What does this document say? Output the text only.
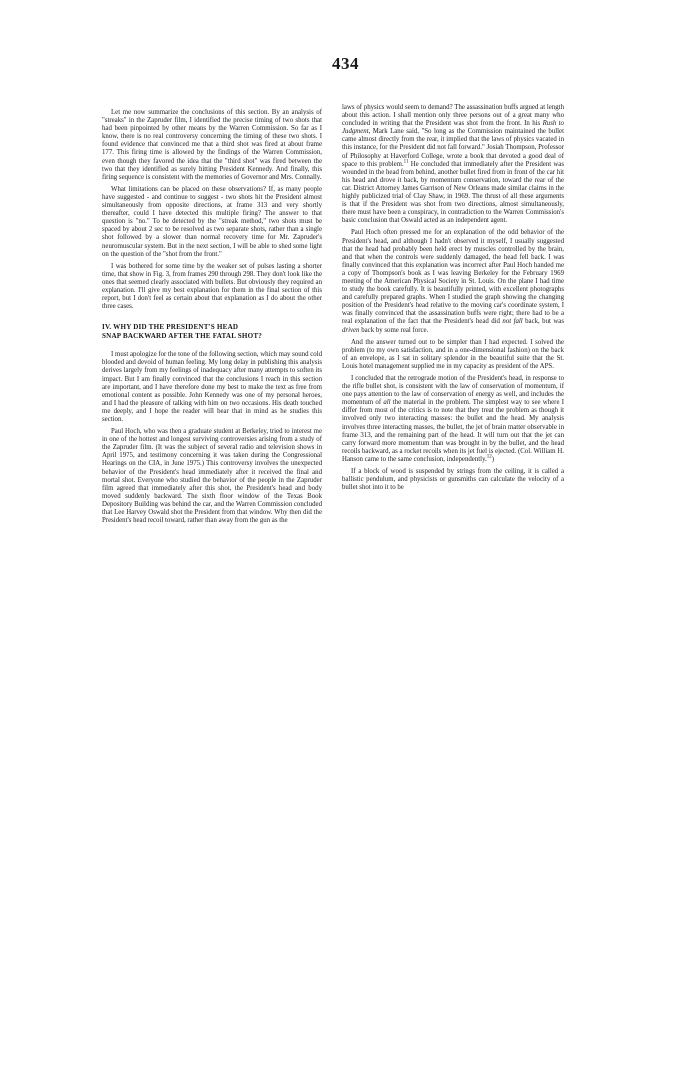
434

Let me now summarize the conclusions of this section. By an analysis of "streaks" in the Zapruder film, I identified the precise timing of two shots that had been pinpointed by other means by the Warren Commission. So far as I know, there is no real controversy concerning the timing of these two shots. I found evidence that convinced me that a third shot was fired at about frame 177. This firing time is allowed by the findings of the Warren Commission, even though they favored the idea that the "third shot" was fired between the two that they identified as surely hitting President Kennedy. And finally, this firing sequence is consistent with the memories of Governor and Mrs. Connally.

What limitations can be placed on these observations? If, as many people have suggested - and continue to suggest - two shots hit the President almost simultaneously from opposite directions, at frame 313 and very shortly thereafter, could I have detected this multiple firing? The answer to that question is "no." To be detected by the "streak method," two shots must be spaced by about 2 sec to be resolved as two separate shots, rather than a single shot followed by a slower than normal recovery time for Mr. Zapruder's neuromuscular system. But in the next section, I will be able to shed some light on the question of the "shot from the front."

I was bothered for some time by the weaker set of pulses lasting a shorter time, that show in Fig. 3, from frames 290 through 298. They don't look like the ones that seemed clearly associated with bullets. But obviously they required an explanation. I'll give my best explanation for them in the final section of this report, but I don't feel as certain about that explanation as I do about the other three cases.

IV. WHY DID THE PRESIDENT'S HEAD
SNAP BACKWARD AFTER THE FATAL SHOT?

I must apologize for the tone of the following section, which may sound cold blooded and devoid of human feeling. My long delay in publishing this analysis derives largely from my feelings of inadequacy after many attempts to soften its impact. But I am finally convinced that the conclusions I reach in this section are important, and I have therefore done my best to make the text as free from emotional content as possible. John Kennedy was one of my personal heroes, and I had the pleasure of talking with him on two occasions. His death touched me deeply, and I hope the reader will bear that in mind as he studies this section.

Paul Hoch, who was then a graduate student at Berkeley, tried to interest me in one of the hottest and longest surviving controversies arising from a study of the Zapruder film. (It was the subject of several radio and television shows in April 1975, and testimony concerning it was taken during the Congressional Hearings on the CIA, in June 1975.) This controversy involves the unexpected behavior of the President's head immediately after it received the final and mortal shot. Everyone who studied the behavior of the people in the Zapruder film agreed that immediately after this shot, the President's head and body moved suddenly backward. The sixth floor window of the Texas Book Depository Building was behind the car, and the Warren Commission concluded that Lee Harvey Oswald shot the President from that window. Why then did the President's head recoil toward, rather than away from the gun as the

laws of physics would seem to demand? The assassination buffs argued at length about this action. I shall mention only three persons out of a great many who concluded in writing that the President was shot from the front. In his Rush to Judgment, Mark Lane said, "So long as the Commission maintained the bullet came almost directly from the rear, it implied that the laws of physics vacated in this instance, for the President did not fall forward." Josiah Thompson, Professor of Philosophy at Haverford College, wrote a book that devoted a good deal of space to this problem.$^{11}$ He concluded that immediately after the President was wounded in the head from behind, another bullet fired from in front of the car hit his head and drove it back, by momentum conservation, toward the rear of the car. District Attorney James Garrison of New Orleans made similar claims in the highly publicized trial of Clay Shaw, in 1969. The thrust of all these arguments is that if the President was shot from two directions, almost simultaneously, there must have been a conspiracy, in contradiction to the Warren Commission's basic conclusion that Oswald acted as an independent agent.

Paul Hoch often pressed me for an explanation of the odd behavior of the President's head, and although I hadn't observed it myself, I usually suggested that the head had probably been held erect by muscles controlled by the brain, and that when the controls were suddenly damaged, the head fell back. I was finally convinced that this explanation was incorrect after Paul Hoch handed me a copy of Thompson's book as I was leaving Berkeley for the February 1969 meeting of the American Physical Society in St. Louis. On the plane I had time to study the book carefully. It is beautifully printed, with excellent photographs and carefully prepared graphs. When I studied the graph showing the changing position of the President's head relative to the moving car's coordinate system, I was finally convinced that the assassination buffs were right; there had to be a real explanation of the fact that the President's head did not fall back, but was driven back by some real force.

And the answer turned out to be simpler than I had expected. I solved the problem (to my own satisfaction, and in a one-dimensional fashion) on the back of an envelope, as I sat in solitary splendor in the beautiful suite that the St. Louis hotel management supplied me in my capacity as president of the APS.

I concluded that the retrograde motion of the President's head, in response to the rifle bullet shot, is consistent with the law of conservation of momentum, if one pays attention to the law of conservation of energy as well, and includes the momentum of all the material in the problem. The simplest way to see where I differ from most of the critics is to note that they treat the problem as though it involved only two interacting masses: the bullet and the head. My analysis involves three interacting masses, the bullet, the jet of brain matter observable in frame 313, and the remaining part of the head. It will turn out that the jet can carry forward more momentum than was brought in by the bullet, and the head recoils backward, as a rocket recoils when its jet fuel is ejected. (Col. William H. Hanson came to the same conclusion, independently.$^{12}$)

If a block of wood is suspended by strings from the ceiling, it is called a ballistic pendulum, and physicists or gunsmiths can calculate the velocity of a bullet shot into it to be
